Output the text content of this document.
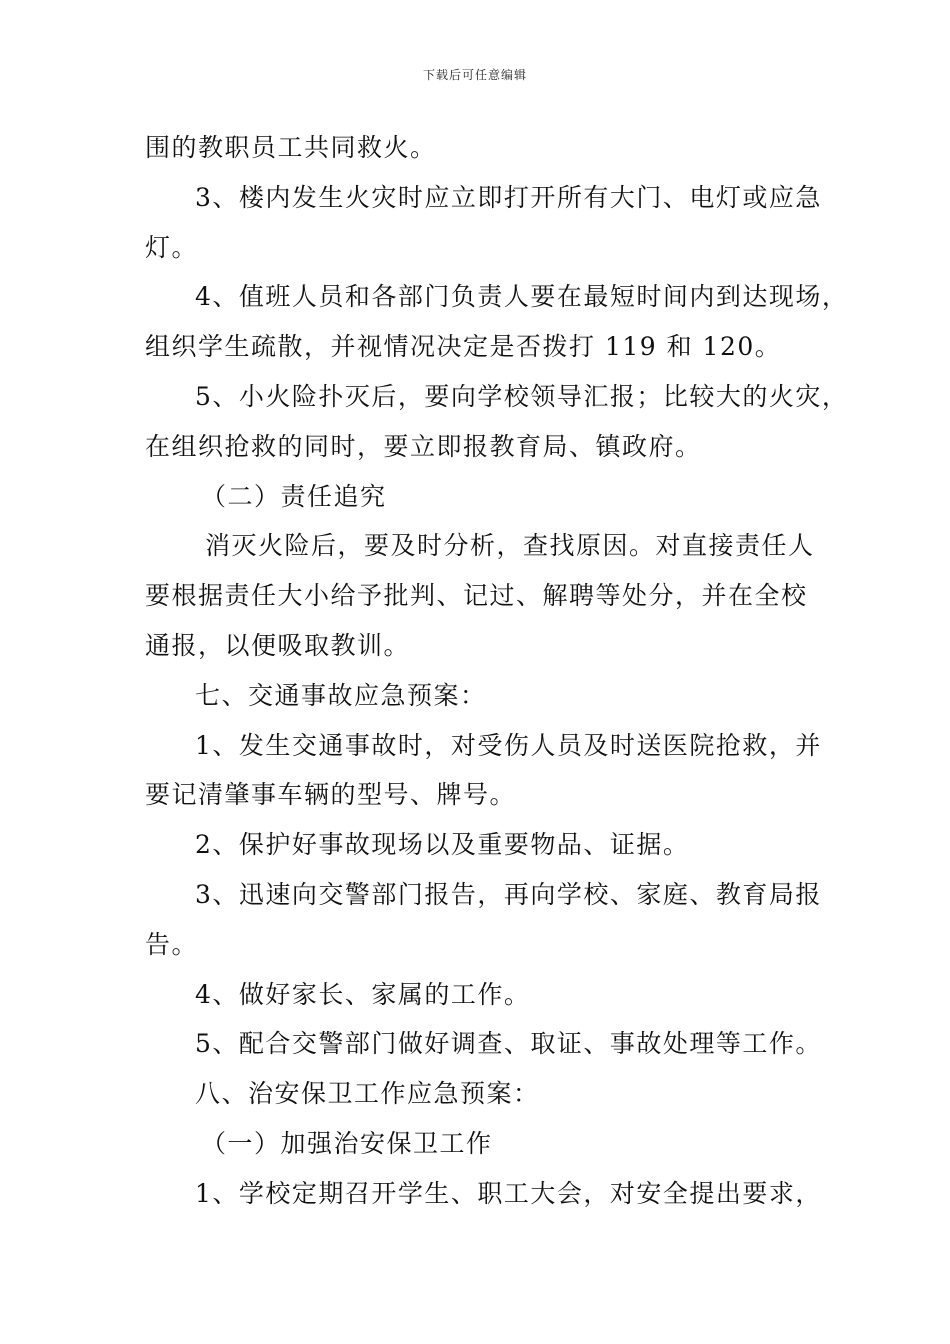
下载后可任意编辑
围的教职员工共同救火。
3、楼内发生火灾时应立即打开所有大门、电灯或应急
灯。
4、值班人员和各部门负责人要在最短时间内到达现场，
组织学生疏散，并视情况决定是否拨打 119 和 120。
5、小火险扑灭后，要向学校领导汇报；比较大的火灾，
在组织抢救的同时，要立即报教育局、镇政府。
（二）责任追究
消灭火险后，要及时分析，查找原因。对直接责任人
要根据责任大小给予批判、记过、解聘等处分，并在全校
通报，以便吸取教训。
七、交通事故应急预案：
1、发生交通事故时，对受伤人员及时送医院抢救，并
要记清肇事车辆的型号、牌号。
2、保护好事故现场以及重要物品、证据。
3、迅速向交警部门报告，再向学校、家庭、教育局报
告。
4、做好家长、家属的工作。
5、配合交警部门做好调查、取证、事故处理等工作。
八、治安保卫工作应急预案：
（一）加强治安保卫工作
1、学校定期召开学生、职工大会，对安全提出要求，
